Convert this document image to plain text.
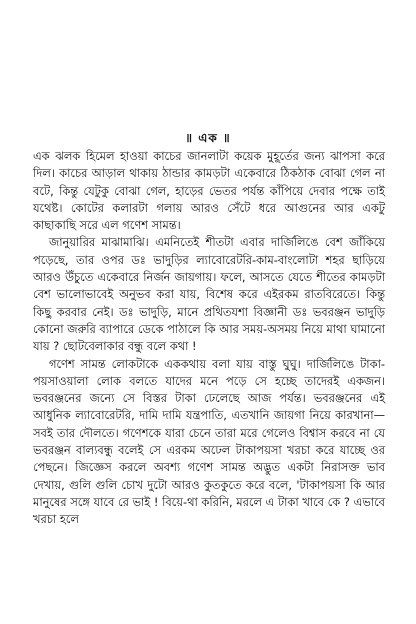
॥ এক ॥

এক ঝলক হিমেল হাওয়া কাচের জানলাটা কয়েক মুহূর্তের জন্য ঝাপসা করে দিল। কাচের আড়াল থাকায় ঠান্ডার কামড়টা একেবারে ঠিকঠাক বোঝা গেল না বটে, কিন্তু যেটুকু বোঝা গেল, হাড়ের ভেতর পর্যন্ত কাঁপিয়ে দেবার পক্ষে তাই যথেষ্ট। কোটের কলারটা গলায় আরও সেঁটে ধরে আগুনের আর একটু কাছাকাছি সরে এল গণেশ সামন্ত।

জানুয়ারির মাঝামাঝি। এমনিতেই শীতটা এবার দার্জিলিঙে বেশ জাঁকিয়ে পড়েছে, তার ওপর ডঃ ভাদুড়ির ল্যাবোরেটরি-কাম-বাংলোটা শহর ছাড়িয়ে আরও উঁচুতে একেবারে নির্জন জায়গায়। ফলে, আসতে যেতে শীতের কামড়টা বেশ ভালোভাবেই অনুভব করা যায়, বিশেষ করে এইরকম রাতবিরেতে। কিন্তু কিছু করবার নেই। ডঃ ভাদুড়ি, মানে প্রথিতযশা বিজ্ঞানী ডঃ ভবরঞ্জন ভাদুড়ি কোনো জরুরি ব্যাপারে ডেকে পাঠালে কি আর সময়-অসময় নিয়ে মাথা ঘামানো যায় ? ছোটবেলাকার বন্ধু বলে কথা !

গণেশ সামন্ত লোকটাকে এককথায় বলা যায় বাস্তু ঘুঘু। দার্জিলিঙে টাকা-পয়সাওয়ালা লোক বলতে যাদের মনে পড়ে সে হচ্ছে তাদেরই একজন। ভবরঞ্জনের জন্যে সে বিস্তর টাকা ঢেলেছে আজ পর্যন্ত। ভবরঞ্জনের এই আধুনিক ল্যাবোরেটরি, দামি দামি যন্ত্রপাতি, এতখানি জায়গা নিয়ে কারখানা— সবই তার দৌলতে। গণেশকে যারা চেনে তারা মরে গেলেও বিশ্বাস করবে না যে ভবরঞ্জন বাল্যবন্ধু বলেই সে এরকম অঢেল টাকাপয়সা খরচা করে যাচ্ছে ওর পেছনে। জিজ্ঞেস করলে অবশ্য গণেশ সামন্ত অদ্ভুত একটা নিরাসক্ত ভাব দেখায়, গুলি গুলি চোখ দুটো আরও কুতকুতে করে বলে, 'টাকাপয়সা কি আর মানুষের সঙ্গে যাবে রে ভাই ! বিয়ে-থা করিনি, মরলে এ টাকা খাবে কে ? এভাবে খরচা হলে
